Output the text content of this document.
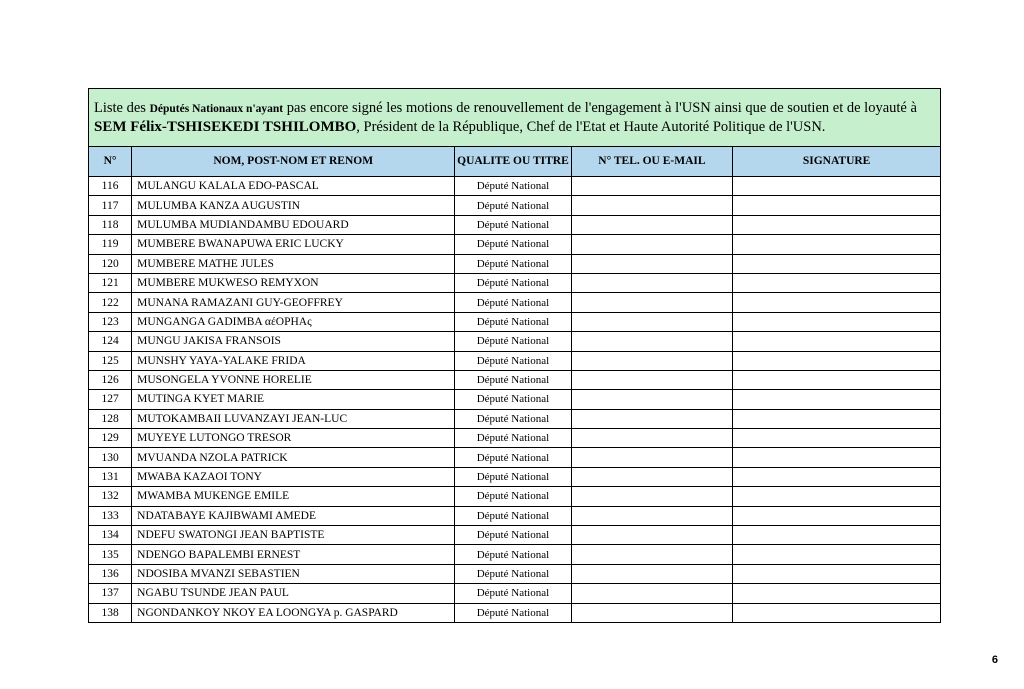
Liste des Députés Nationaux n'ayant pas encore signé les motions de renouvellement de l'engagement à l'USN ainsi que de soutien et de loyauté à SEM Félix-TSHISEKEDI TSHILOMBO, Président de la République, Chef de l'Etat et Haute Autorité Politique de l'USN.				
N°	NOM, POST-NOM ET RENOM	QUALITE OU TITRE	N° TEL. OU E-MAIL	SIGNATURE
116	MULANGU KALALA EDO-PASCAL	Député National		
117	MULUMBA KANZA AUGUSTIN	Député National		
118	MULUMBA MUDIANDAMBU EDOUARD	Député National		
119	MUMBERE BWANAPUWA ERIC LUCKY	Député National		
120	MUMBERE MATHE JULES	Député National		
121	MUMBERE MUKWESO REMYXON	Député National		
122	MUNANA RAMAZANI GUY-GEOFFREY	Député National		
123	MUNGANGA GADIMBA αέΟΡΗΑς	Député National		
124	MUNGU JAKISA FRANSOIS	Député National		
125	MUNSHY YAYA-YALAKE FRIDA	Député National		
126	MUSONGELA YVONNE HORELIE	Député National		
127	MUTINGA KYET MARIE	Député National		
128	MUTOKAMBAII LUVANZAYI JEAN-LUC	Député National		
129	MUYEYE LUTONGO TRESOR	Député National		
130	MVUANDA NZOLA PATRICK	Député National		
131	MWABA KAZAOI TONY	Député National		
132	MWAMBA MUKENGE EMILE	Député National		
133	NDATABAYE KAJIBWAMI AMEDE	Député National		
134	NDEFU SWATONGI JEAN BAPTISTE	Député National		
135	NDENGO BAPALEMBI ERNEST	Député National		
136	NDOSIBA MVANZI SEBASTIEN	Député National		
137	NGABU TSUNDE JEAN PAUL	Député National		
138	NGONDANKOY NKOY EA LOONGYA p. GASPARD	Député National		
6
